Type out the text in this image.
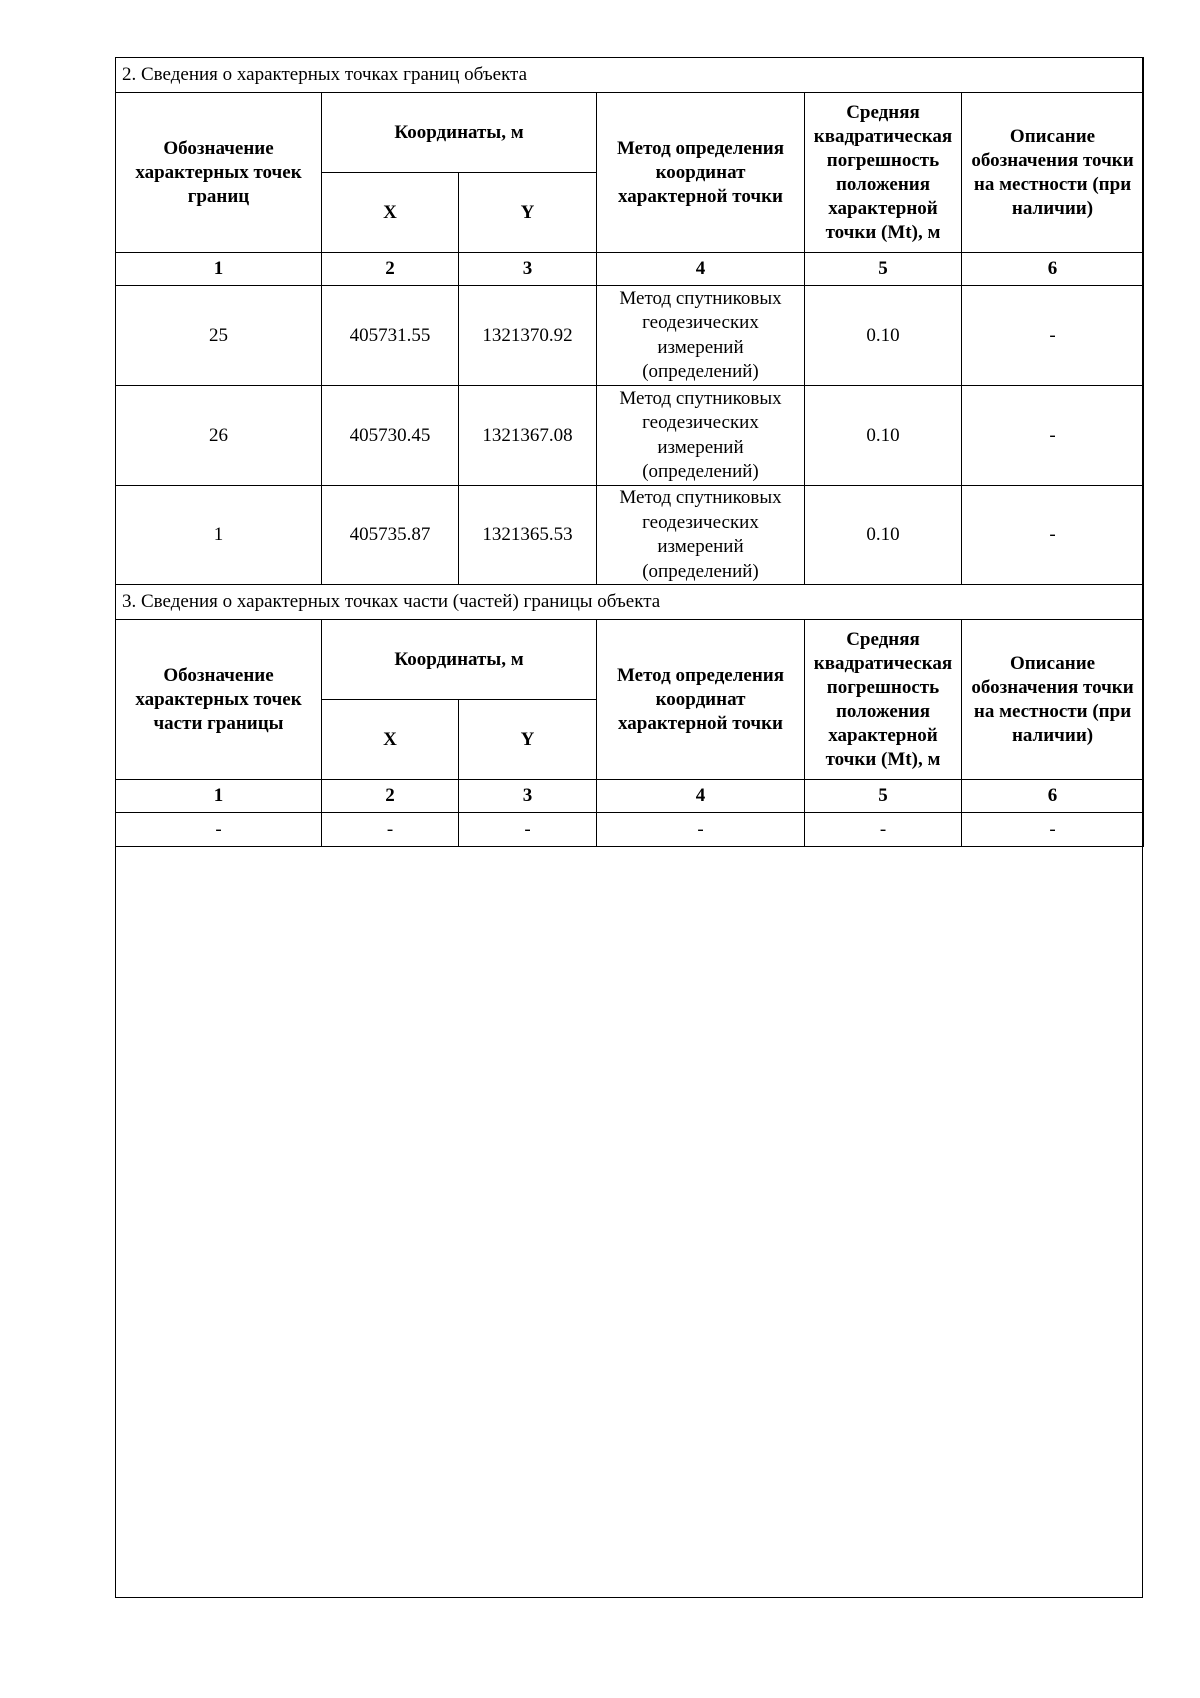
2. Сведения о характерных точках границ объекта					
Обозначение характерных точек границ	Координаты, м		Метод определения координат характерной точки	Средняя квадратическая погрешность положения характерной точки (Mt), м	Описание обозначения точки на местности (при наличии)
	X	Y			
1	2	3	4	5	6
25	405731.55	1321370.92	Метод спутниковых геодезических измерений (определений)	0.10	-
26	405730.45	1321367.08	Метод спутниковых геодезических измерений (определений)	0.10	-
1	405735.87	1321365.53	Метод спутниковых геодезических измерений (определений)	0.10	-
3. Сведения о характерных точках части (частей) границы объекта					
Обозначение характерных точек части границы	Координаты, м		Метод определения координат характерной точки	Средняя квадратическая погрешность положения характерной точки (Mt), м	Описание обозначения точки на местности (при наличии)
	X	Y			
1	2	3	4	5	6
-	-	-	-	-	-
